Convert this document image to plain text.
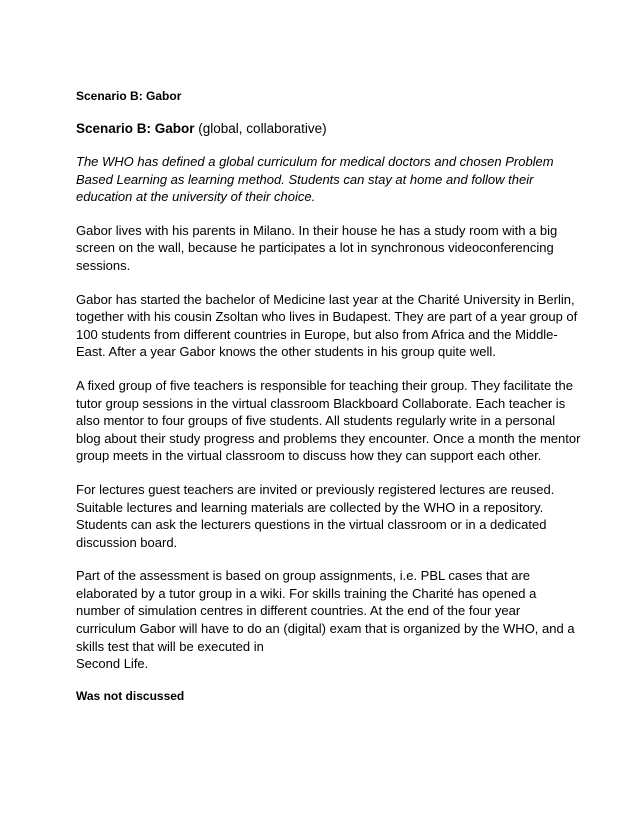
Scenario B: Gabor
Scenario B: Gabor (global, collaborative)
The WHO has defined a global curriculum for medical doctors and chosen Problem
Based Learning as learning method. Students can stay at home and follow their
education at the university of their choice.
Gabor lives with his parents in Milano. In their house he has a study room with a big
screen on the wall, because he participates a lot in synchronous videoconferencing
sessions.
Gabor has started the bachelor of Medicine last year at the Charité University in Berlin,
together with his cousin Zsoltan who lives in Budapest. They are part of a year group of
100 students from different countries in Europe, but also from Africa and the Middle-
East. After a year Gabor knows the other students in his group quite well.
A fixed group of five teachers is responsible for teaching their group. They facilitate the
tutor group sessions in the virtual classroom Blackboard Collaborate. Each teacher is
also mentor to four groups of five students. All students regularly write in a personal
blog about their study progress and problems they encounter. Once a month the mentor
group meets in the virtual classroom to discuss how they can support each other.
For lectures guest teachers are invited or previously registered lectures are reused.
Suitable lectures and learning materials are collected by the WHO in a repository.
Students can ask the lecturers questions in the virtual classroom or in a dedicated
discussion board.
Part of the assessment is based on group assignments, i.e. PBL cases that are
elaborated by a tutor group in a wiki. For skills training the Charité has opened a
number of simulation centres in different countries. At the end of the four year
curriculum Gabor will have to do an (digital) exam that is organized by the WHO, and a
skills test that will be executed in
Second Life.
Was not discussed
